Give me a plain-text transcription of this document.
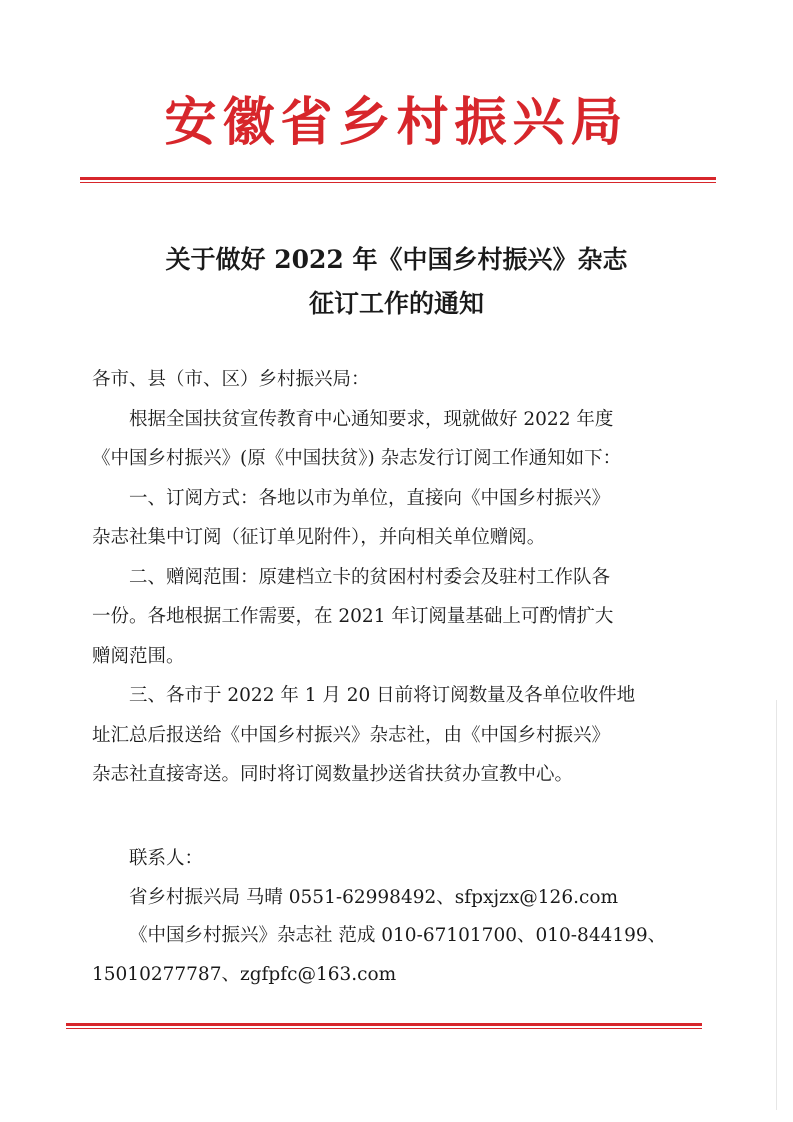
安徽省乡村振兴局
关于做好 2022 年《中国乡村振兴》杂志
征订工作的通知

各市、县（市、区）乡村振兴局：

根据全国扶贫宣传教育中心通知要求，现就做好 2022 年度

《中国乡村振兴》(原《中国扶贫》) 杂志发行订阅工作通知如下：

一、订阅方式：各地以市为单位，直接向《中国乡村振兴》

杂志社集中订阅（征订单见附件），并向相关单位赠阅。

二、赠阅范围：原建档立卡的贫困村村委会及驻村工作队各

一份。各地根据工作需要，在 2021 年订阅量基础上可酌情扩大

赠阅范围。

三、各市于 2022 年 1 月 20 日前将订阅数量及各单位收件地

址汇总后报送给《中国乡村振兴》杂志社，由《中国乡村振兴》

杂志社直接寄送。同时将订阅数量抄送省扶贫办宣教中心。

联系人：

省乡村振兴局 马晴 0551-62998492、sfpxjzx@126.com

《中国乡村振兴》杂志社 范成 010-67101700、010-844199、

15010277787、zgfpfc@163.com
